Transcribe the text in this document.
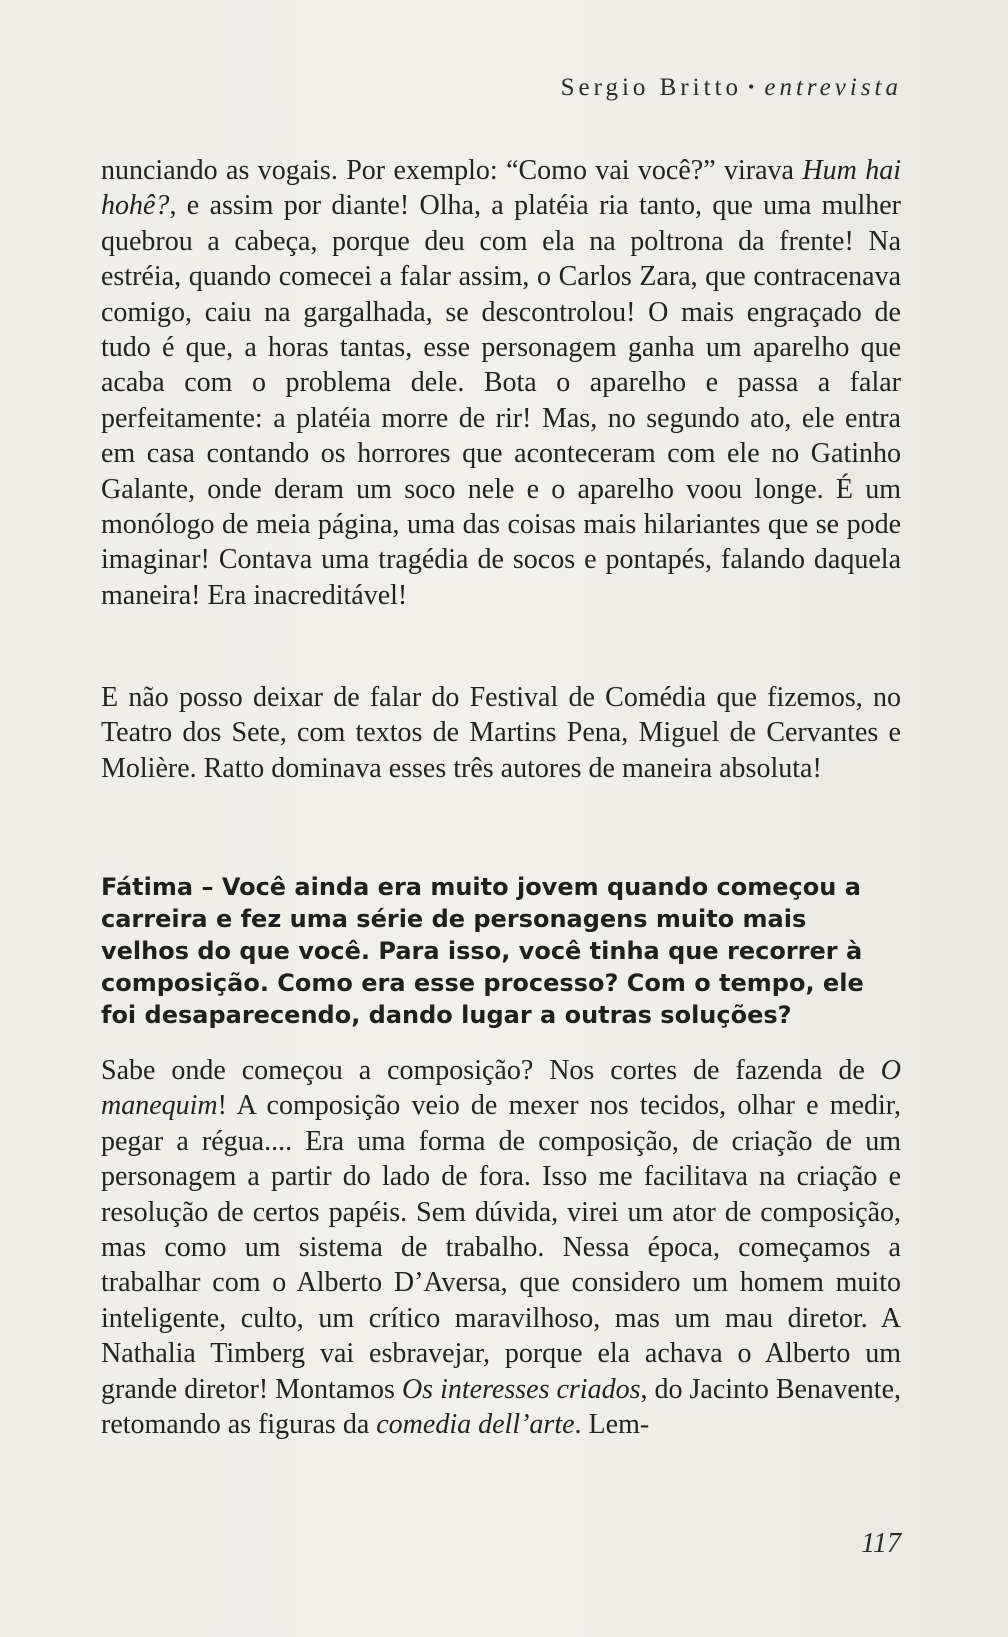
Sergio Britto • entrevista

nunciando as vogais. Por exemplo: “Como vai você?” virava Hum hai hohê?, e assim por diante! Olha, a platéia ria tanto, que uma mulher quebrou a cabeça, porque deu com ela na poltrona da frente! Na estréia, quando comecei a falar assim, o Carlos Zara, que contracenava comigo, caiu na gargalhada, se descontrolou! O mais engraçado de tudo é que, a horas tantas, esse personagem ganha um aparelho que acaba com o problema dele. Bota o aparelho e passa a falar perfeitamente: a platéia morre de rir! Mas, no segundo ato, ele entra em casa contando os horrores que aconteceram com ele no Gatinho Galante, onde deram um soco nele e o aparelho voou longe. É um monólogo de meia página, uma das coisas mais hilariantes que se pode imaginar! Contava uma tragédia de socos e pontapés, falando daquela maneira! Era inacreditável!

E não posso deixar de falar do Festival de Comédia que fizemos, no Teatro dos Sete, com textos de Martins Pena, Miguel de Cervantes e Molière. Ratto dominava esses três autores de maneira absoluta!

Fátima – Você ainda era muito jovem quando começou a carreira e fez uma série de personagens muito mais velhos do que você. Para isso, você tinha que recorrer à composição. Como era esse processo? Com o tempo, ele foi desaparecendo, dando lugar a outras soluções?

Sabe onde começou a composição? Nos cortes de fazenda de O manequim! A composição veio de mexer nos tecidos, olhar e medir, pegar a régua.... Era uma forma de composição, de criação de um personagem a partir do lado de fora. Isso me facilitava na criação e resolução de certos papéis. Sem dúvida, virei um ator de composição, mas como um sistema de trabalho. Nessa época, começamos a trabalhar com o Alberto D’Aversa, que considero um homem muito inteligente, culto, um crítico maravilhoso, mas um mau diretor. A Nathalia Timberg vai esbravejar, porque ela achava o Alberto um grande diretor! Montamos Os interesses criados, do Jacinto Benavente, retomando as figuras da comedia dell’arte. Lem-

117
